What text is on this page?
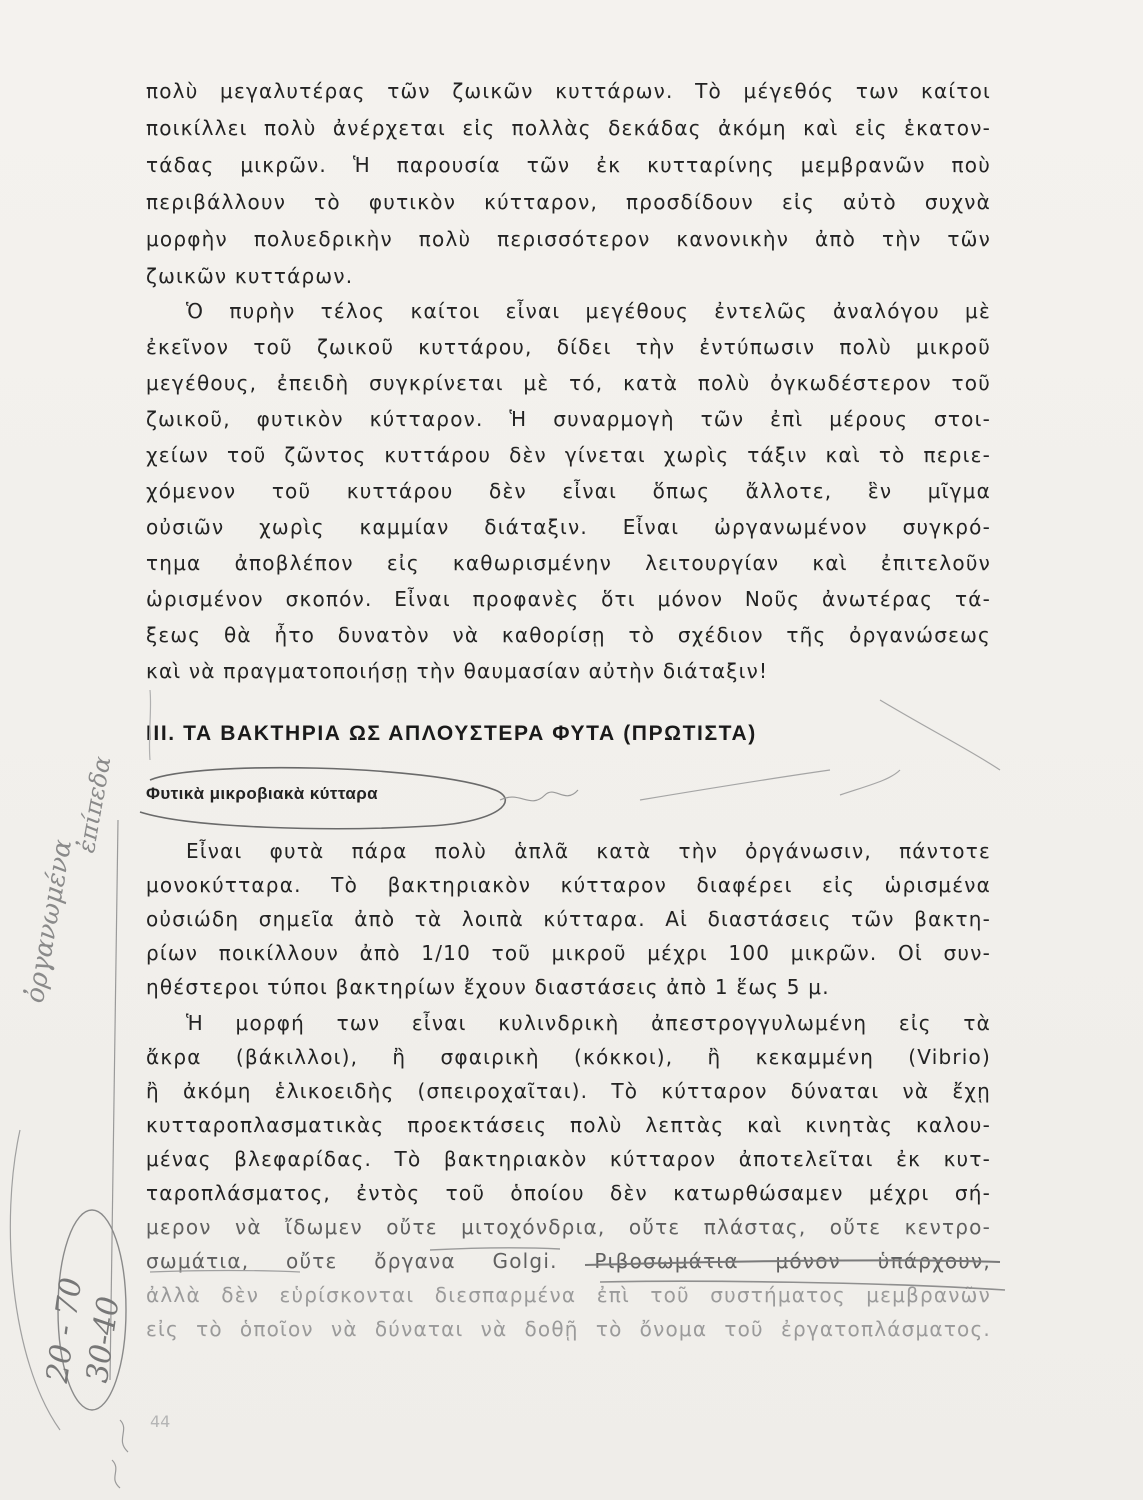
πολὺ μεγαλυτέρας τῶν ζωικῶν κυττάρων. Τὸ μέγεθός των καίτοι
ποικίλλει πολὺ ἀνέρχεται εἰς πολλὰς δεκάδας ἀκόμη καὶ εἰς ἑκατον-
τάδας μικρῶν. Ἡ παρουσία τῶν ἐκ κυτταρίνης μεμβρανῶν ποὺ
περιβάλλουν τὸ φυτικὸν κύτταρον, προσδίδουν εἰς αὐτὸ συχνὰ
μορφὴν πολυεδρικὴν πολὺ περισσότερον κανονικὴν ἀπὸ τὴν τῶν
ζωικῶν κυττάρων.
Ὁ πυρὴν τέλος καίτοι εἶναι μεγέθους ἐντελῶς ἀναλόγου μὲ
ἐκεῖνον τοῦ ζωικοῦ κυττάρου, δίδει τὴν ἐντύπωσιν πολὺ μικροῦ
μεγέθους, ἐπειδὴ συγκρίνεται μὲ τό, κατὰ πολὺ ὀγκωδέστερον τοῦ
ζωικοῦ, φυτικὸν κύτταρον. Ἡ συναρμογὴ τῶν ἐπὶ μέρους στοι-
χείων τοῦ ζῶντος κυττάρου δὲν γίνεται χωρὶς τάξιν καὶ τὸ περιε-
χόμενον τοῦ κυττάρου δὲν εἶναι ὅπως ἄλλοτε, ἓν μῖγμα
οὐσιῶν χωρὶς καμμίαν διάταξιν. Εἶναι ὠργανωμένον συγκρό-
τημα ἀποβλέπον εἰς καθωρισμένην λειτουργίαν καὶ ἐπιτελοῦν
ὡρισμένον σκοπόν. Εἶναι προφανὲς ὅτι μόνον Νοῦς ἀνωτέρας τά-
ξεως θὰ ἦτο δυνατὸν νὰ καθορίσῃ τὸ σχέδιον τῆς ὀργανώσεως
καὶ νὰ πραγματοποιήσῃ τὴν θαυμασίαν αὐτὴν διάταξιν!
III. ΤΑ ΒΑΚΤΗΡΙΑ ΩΣ ΑΠΛΟΥΣΤΕΡΑ ΦΥΤΑ (ΠΡΩΤΙΣΤΑ)
Φυτικὰ μικροβιακὰ κύτταρα
Εἶναι φυτὰ πάρα πολὺ ἁπλᾶ κατὰ τὴν ὀργάνωσιν, πάντοτε
μονοκύτταρα. Τὸ βακτηριακὸν κύτταρον διαφέρει εἰς ὡρισμένα
οὐσιώδη σημεῖα ἀπὸ τὰ λοιπὰ κύτταρα. Αἱ διαστάσεις τῶν βακτη-
ρίων ποικίλλουν ἀπὸ 1/10 τοῦ μικροῦ μέχρι 100 μικρῶν. Οἱ συν-
ηθέστεροι τύποι βακτηρίων ἔχουν διαστάσεις ἀπὸ 1 ἕως 5 μ.
Ἡ μορφή των εἶναι κυλινδρικὴ ἀπεστρογγυλωμένη εἰς τὰ
ἄκρα (βάκιλλοι), ἢ σφαιρικὴ (κόκκοι), ἢ κεκαμμένη (Vibrio)
ἢ ἀκόμη ἑλικοειδὴς (σπειροχαῖται). Τὸ κύτταρον δύναται νὰ ἔχῃ
κυτταροπλασματικὰς προεκτάσεις πολὺ λεπτὰς καὶ κινητὰς καλου-
μένας βλεφαρίδας. Τὸ βακτηριακὸν κύτταρον ἀποτελεῖται ἐκ κυτ-
ταροπλάσματος, ἐντὸς τοῦ ὁποίου δὲν κατωρθώσαμεν μέχρι σή-
μερον νὰ ἴδωμεν οὔτε μιτοχόνδρια, οὔτε πλάστας, οὔτε κεντρο-
σωμάτια, οὔτε ὄργανα Golgi. Ριβοσωμάτια μόνον ὑπάρχουν,
ἀλλὰ δὲν εὑρίσκονται διεσπαρμένα ἐπὶ τοῦ συστήματος μεμβρανῶν
εἰς τὸ ὁποῖον νὰ δύναται νὰ δοθῇ τὸ ὄνομα τοῦ ἐργατοπλάσματος.
44
ὀργανωμένα
ἐπίπεδα
20 - 70
30-40
